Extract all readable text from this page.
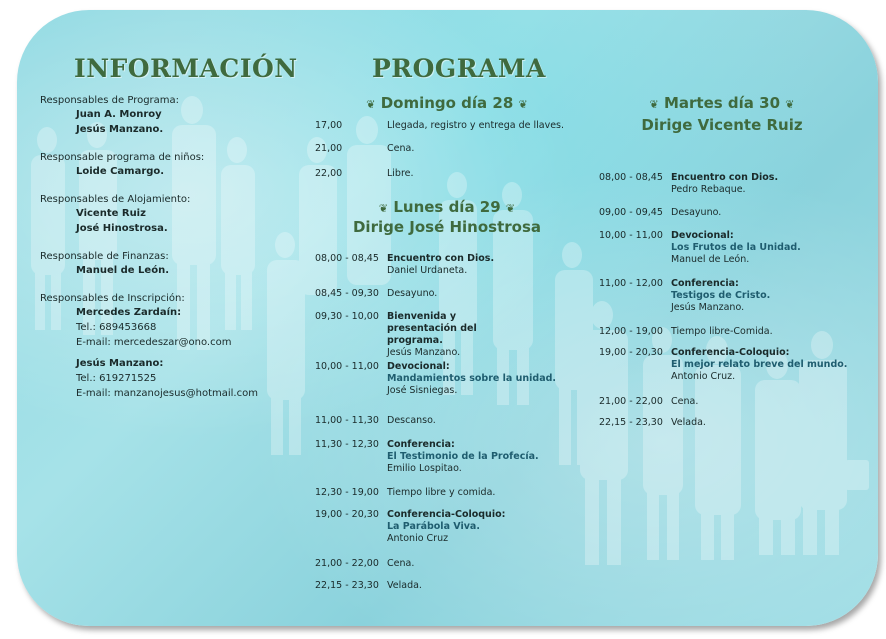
INFORMACIÓN	PROGRAMA
Responsables de Programa:
Juan A. Monroy
Jesús Manzano.
Responsable programa de niños:
Loide Camargo.
Responsables de Alojamiento:
Vicente Ruiz
José Hinostrosa.
Responsable de Finanzas:
Manuel de León.
Responsables de Inscripción:
Mercedes Zardaín:
Tel.: 689453668
E-mail: mercedeszar@ono.com
Jesús Manzano:
Tel.: 619271525
E-mail: manzanojesus@hotmail.com
❦ Domingo día 28 ❦
17,00	Llegada, registro y entrega de llaves.
21,00	Cena.
22,00	Libre.
❦ Lunes día 29 ❦
Dirige José Hinostrosa
08,00 - 08,45 Encuentro con Dios.
Daniel Urdaneta.
08,45 - 09,30 Desayuno.
09,30 - 10,00 Bienvenida y presentación del programa.
Jesús Manzano.
10,00 - 11,00 Devocional:
Mandamientos sobre la unidad.
José Sisniegas.
11,00 - 11,30 Descanso.
11,30 - 12,30 Conferencia:
El Testimonio de la Profecía.
Emilio Lospitao.
12,30 - 19,00 Tiempo libre y comida.
19,00 - 20,30 Conferencia-Coloquio:
La Parábola Viva.
Antonio Cruz
21,00 - 22,00 Cena.
22,15 - 23,30 Velada.
❦ Martes día 30 ❦
Dirige Vicente Ruiz
08,00 - 08,45 Encuentro con Dios.
Pedro Rebaque.
09,00 - 09,45 Desayuno.
10,00 - 11,00 Devocional:
Los Frutos de la Unidad.
Manuel de León.
11,00 - 12,00 Conferencia:
Testigos de Cristo.
Jesús Manzano.
12,00 - 19,00 Tiempo libre-Comida.
19,00 - 20,30 Conferencia-Coloquio:
El mejor relato breve del mundo.
Antonio Cruz.
21,00 - 22,00 Cena.
22,15 - 23,30 Velada.
